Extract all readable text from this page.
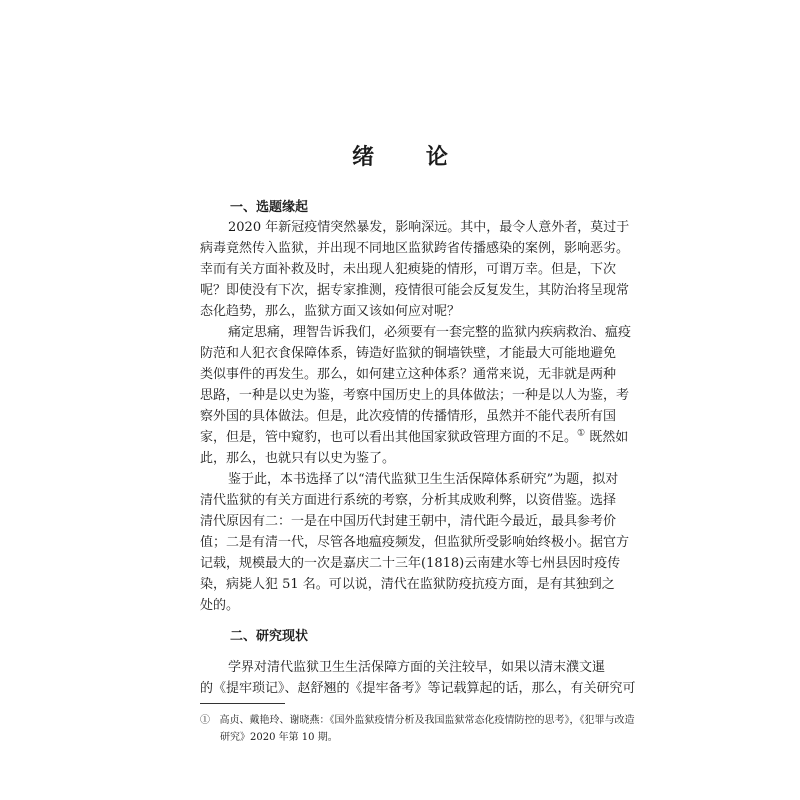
绪 论
一、选题缘起
2020 年新冠疫情突然暴发，影响深远。其中，最令人意外者，莫过于
病毒竟然传入监狱，并出现不同地区监狱跨省传播感染的案例，影响恶劣。
幸而有关方面补救及时，未出现人犯瘐毙的情形，可谓万幸。但是，下次
呢？即使没有下次，据专家推测，疫情很可能会反复发生，其防治将呈现常
态化趋势，那么，监狱方面又该如何应对呢？
痛定思痛，理智告诉我们，必须要有一套完整的监狱内疾病救治、瘟疫
防范和人犯衣食保障体系，铸造好监狱的铜墙铁壁，才能最大可能地避免
类似事件的再发生。那么，如何建立这种体系？通常来说，无非就是两种
思路，一种是以史为鉴，考察中国历史上的具体做法；一种是以人为鉴，考
察外国的具体做法。但是，此次疫情的传播情形，虽然并不能代表所有国
家，但是，管中窥豹，也可以看出其他国家狱政管理方面的不足。① 既然如
此，那么，也就只有以史为鉴了。
鉴于此，本书选择了以“清代监狱卫生生活保障体系研究”为题，拟对
清代监狱的有关方面进行系统的考察，分析其成败利弊，以资借鉴。选择
清代原因有二：一是在中国历代封建王朝中，清代距今最近，最具参考价
值；二是有清一代，尽管各地瘟疫频发，但监狱所受影响始终极小。据官方
记载，规模最大的一次是嘉庆二十三年(1818)云南建水等七州县因时疫传
染，病毙人犯 51 名。可以说，清代在监狱防疫抗疫方面，是有其独到之
处的。
二、研究现状
学界对清代监狱卫生生活保障方面的关注较早，如果以清末濮文暹
的《提牢琐记》、赵舒翘的《提牢备考》等记载算起的话，那么，有关研究可
① 高贞、戴艳玲、谢晓燕：《国外监狱疫情分析及我国监狱常态化疫情防控的思考》，《犯罪与改造
研究》2020 年第 10 期。
